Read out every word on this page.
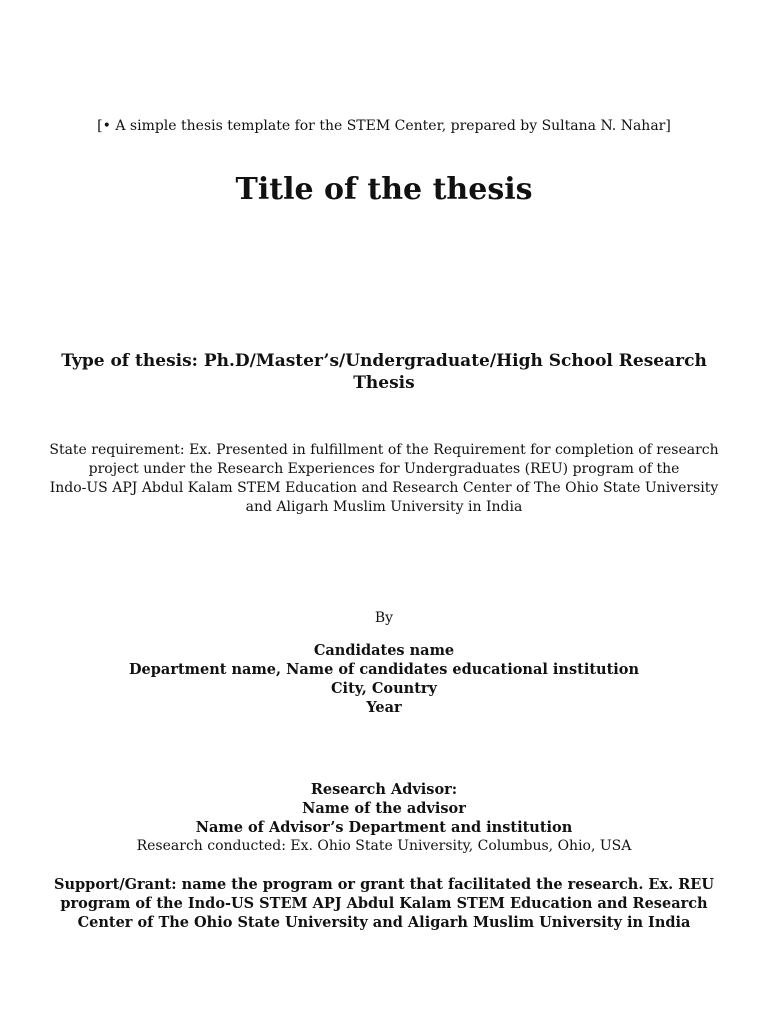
[• A simple thesis template for the STEM Center, prepared by Sultana N. Nahar]
Title of the thesis
Type of thesis: Ph.D/Master’s/Undergraduate/High School Research
Thesis
State requirement: Ex. Presented in fulfillment of the Requirement for completion of research
project under the Research Experiences for Undergraduates (REU) program of the
Indo-US APJ Abdul Kalam STEM Education and Research Center of The Ohio State University
and Aligarh Muslim University in India
By
Candidates name
Department name, Name of candidates educational institution
City, Country
Year
Research Advisor:
Name of the advisor
Name of Advisor’s Department and institution
Research conducted: Ex. Ohio State University, Columbus, Ohio, USA
Support/Grant: name the program or grant that facilitated the research. Ex. REU
program of the Indo-US STEM APJ Abdul Kalam STEM Education and Research
Center of The Ohio State University and Aligarh Muslim University in India
